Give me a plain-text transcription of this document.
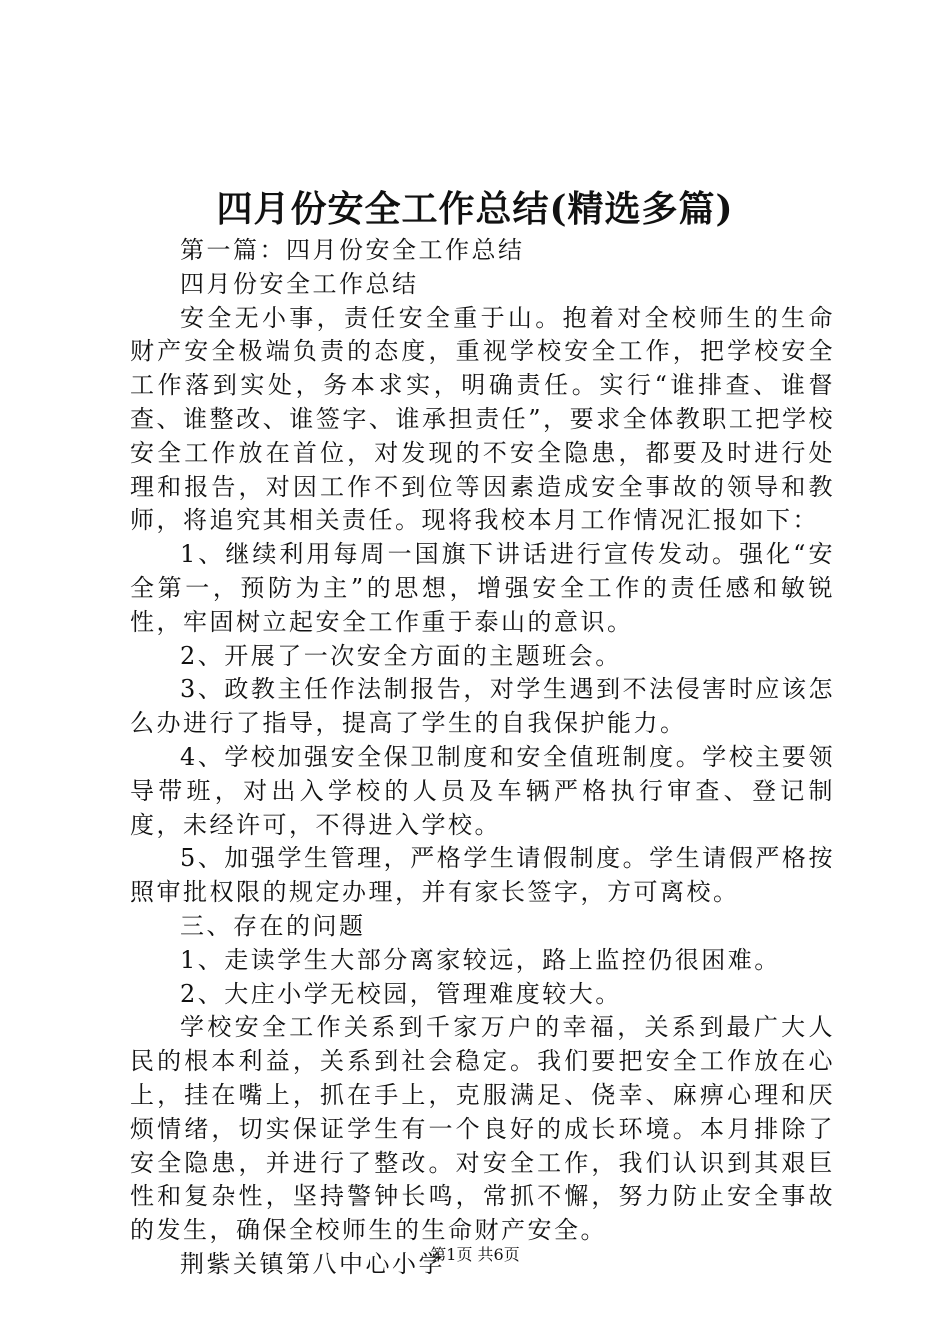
四月份安全工作总结(精选多篇)

第一篇：四月份安全工作总结

四月份安全工作总结

安全无小事，责任安全重于山。抱着对全校师生的生命财产安全极端负责的态度，重视学校安全工作，把学校安全工作落到实处，务本求实，明确责任。实行“谁排查、谁督查、谁整改、谁签字、谁承担责任”，要求全体教职工把学校安全工作放在首位，对发现的不安全隐患，都要及时进行处理和报告，对因工作不到位等因素造成安全事故的领导和教师，将追究其相关责任。现将我校本月工作情况汇报如下：

1、继续利用每周一国旗下讲话进行宣传发动。强化“安全第一，预防为主”的思想，增强安全工作的责任感和敏锐性，牢固树立起安全工作重于泰山的意识。

2、开展了一次安全方面的主题班会。

3、政教主任作法制报告，对学生遇到不法侵害时应该怎么办进行了指导，提高了学生的自我保护能力。

4、学校加强安全保卫制度和安全值班制度。学校主要领导带班，对出入学校的人员及车辆严格执行审查、登记制度，未经许可，不得进入学校。

5、加强学生管理，严格学生请假制度。学生请假严格按照审批权限的规定办理，并有家长签字，方可离校。

三、存在的问题

1、走读学生大部分离家较远，路上监控仍很困难。

2、大庄小学无校园，管理难度较大。

学校安全工作关系到千家万户的幸福，关系到最广大人民的根本利益，关系到社会稳定。我们要把安全工作放在心上，挂在嘴上，抓在手上，克服满足、侥幸、麻痹心理和厌烦情绪，切实保证学生有一个良好的成长环境。本月排除了安全隐患，并进行了整改。对安全工作，我们认识到其艰巨性和复杂性，坚持警钟长鸣，常抓不懈，努力防止安全事故的发生，确保全校师生的生命财产安全。

荆紫关镇第八中心小学

第1页 共6页
